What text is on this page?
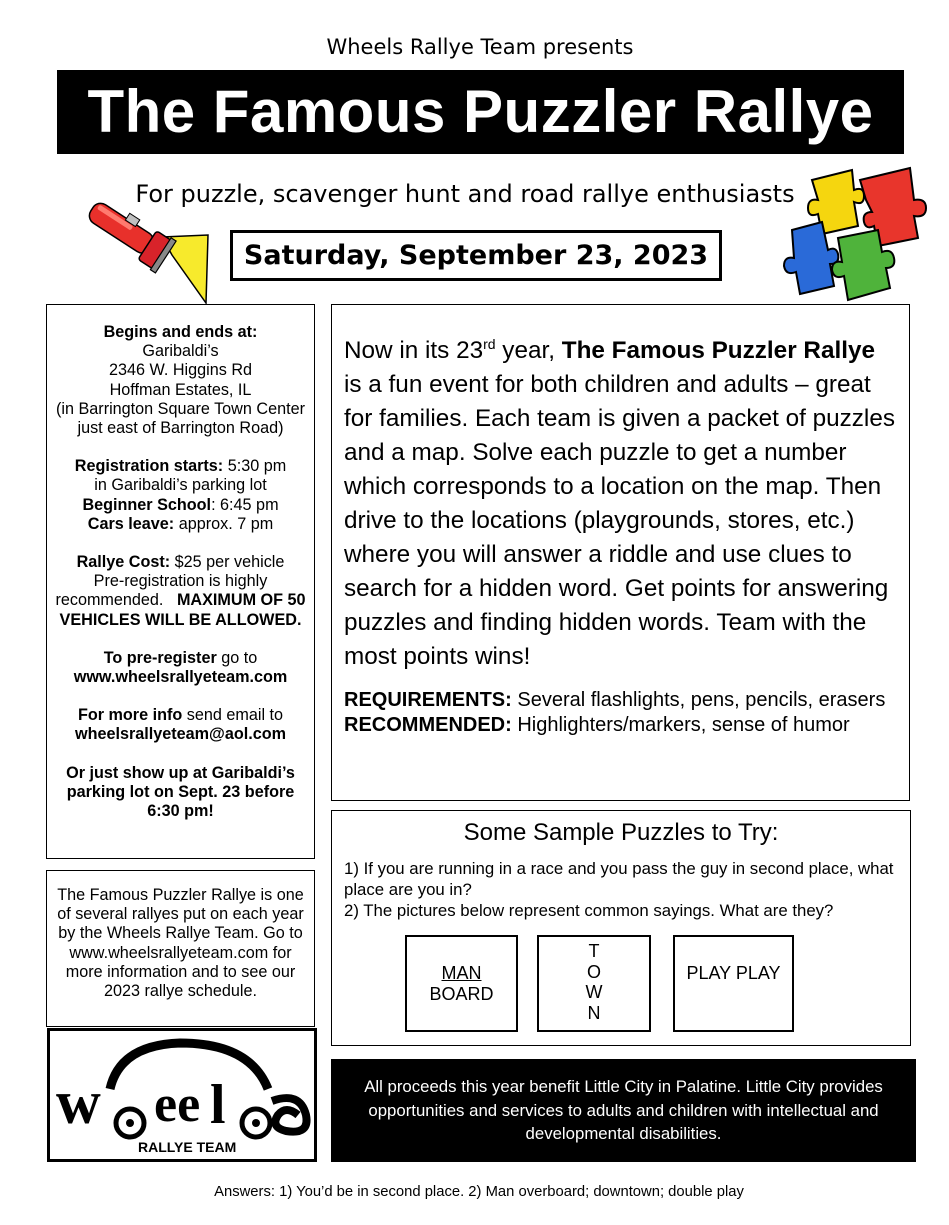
Wheels Rallye Team presents
The Famous Puzzler Rallye
For puzzle, scavenger hunt and road rallye enthusiasts
Saturday, September 23, 2023

Begins and ends at:
Garibaldi’s
2346 W. Higgins Rd
Hoffman Estates, IL
(in Barrington Square Town Center just east of Barrington Road)

Registration starts: 5:30 pm
in Garibaldi’s parking lot
Beginner School: 6:45 pm
Cars leave: approx. 7 pm

Rallye Cost: $25 per vehicle
Pre-registration is highly recommended. MAXIMUM OF 50 VEHICLES WILL BE ALLOWED.

To pre-register go to
www.wheelsrallyeteam.com

For more info send email to
wheelsrallyeteam@aol.com

Or just show up at Garibaldi’s parking lot on Sept. 23 before 6:30 pm!

The Famous Puzzler Rallye is one of several rallyes put on each year by the Wheels Rallye Team. Go to www.wheelsrallyeteam.com for more information and to see our 2023 rallye schedule.
w ee l
RALLYE TEAM

Now in its 23rd year, The Famous Puzzler Rallye is a fun event for both children and adults – great for families. Each team is given a packet of puzzles and a map. Solve each puzzle to get a number which corresponds to a location on the map. Then drive to the locations (playgrounds, stores, etc.) where you will answer a riddle and use clues to search for a hidden word. Get points for answering puzzles and finding hidden words. Team with the most points wins!

REQUIREMENTS: Several flashlights, pens, pencils, erasers
RECOMMENDED: Highlighters/markers, sense of humor
Some Sample Puzzles to Try:
1) If you are running in a race and you pass the guy in second place, what place are you in?
2) The pictures below represent common sayings. What are they?
MAN
BOARD
T
O
W
N
PLAY PLAY
All proceeds this year benefit Little City in Palatine. Little City provides opportunities and services to adults and children with intellectual and developmental disabilities.
Answers: 1) You’d be in second place. 2) Man overboard; downtown; double play
